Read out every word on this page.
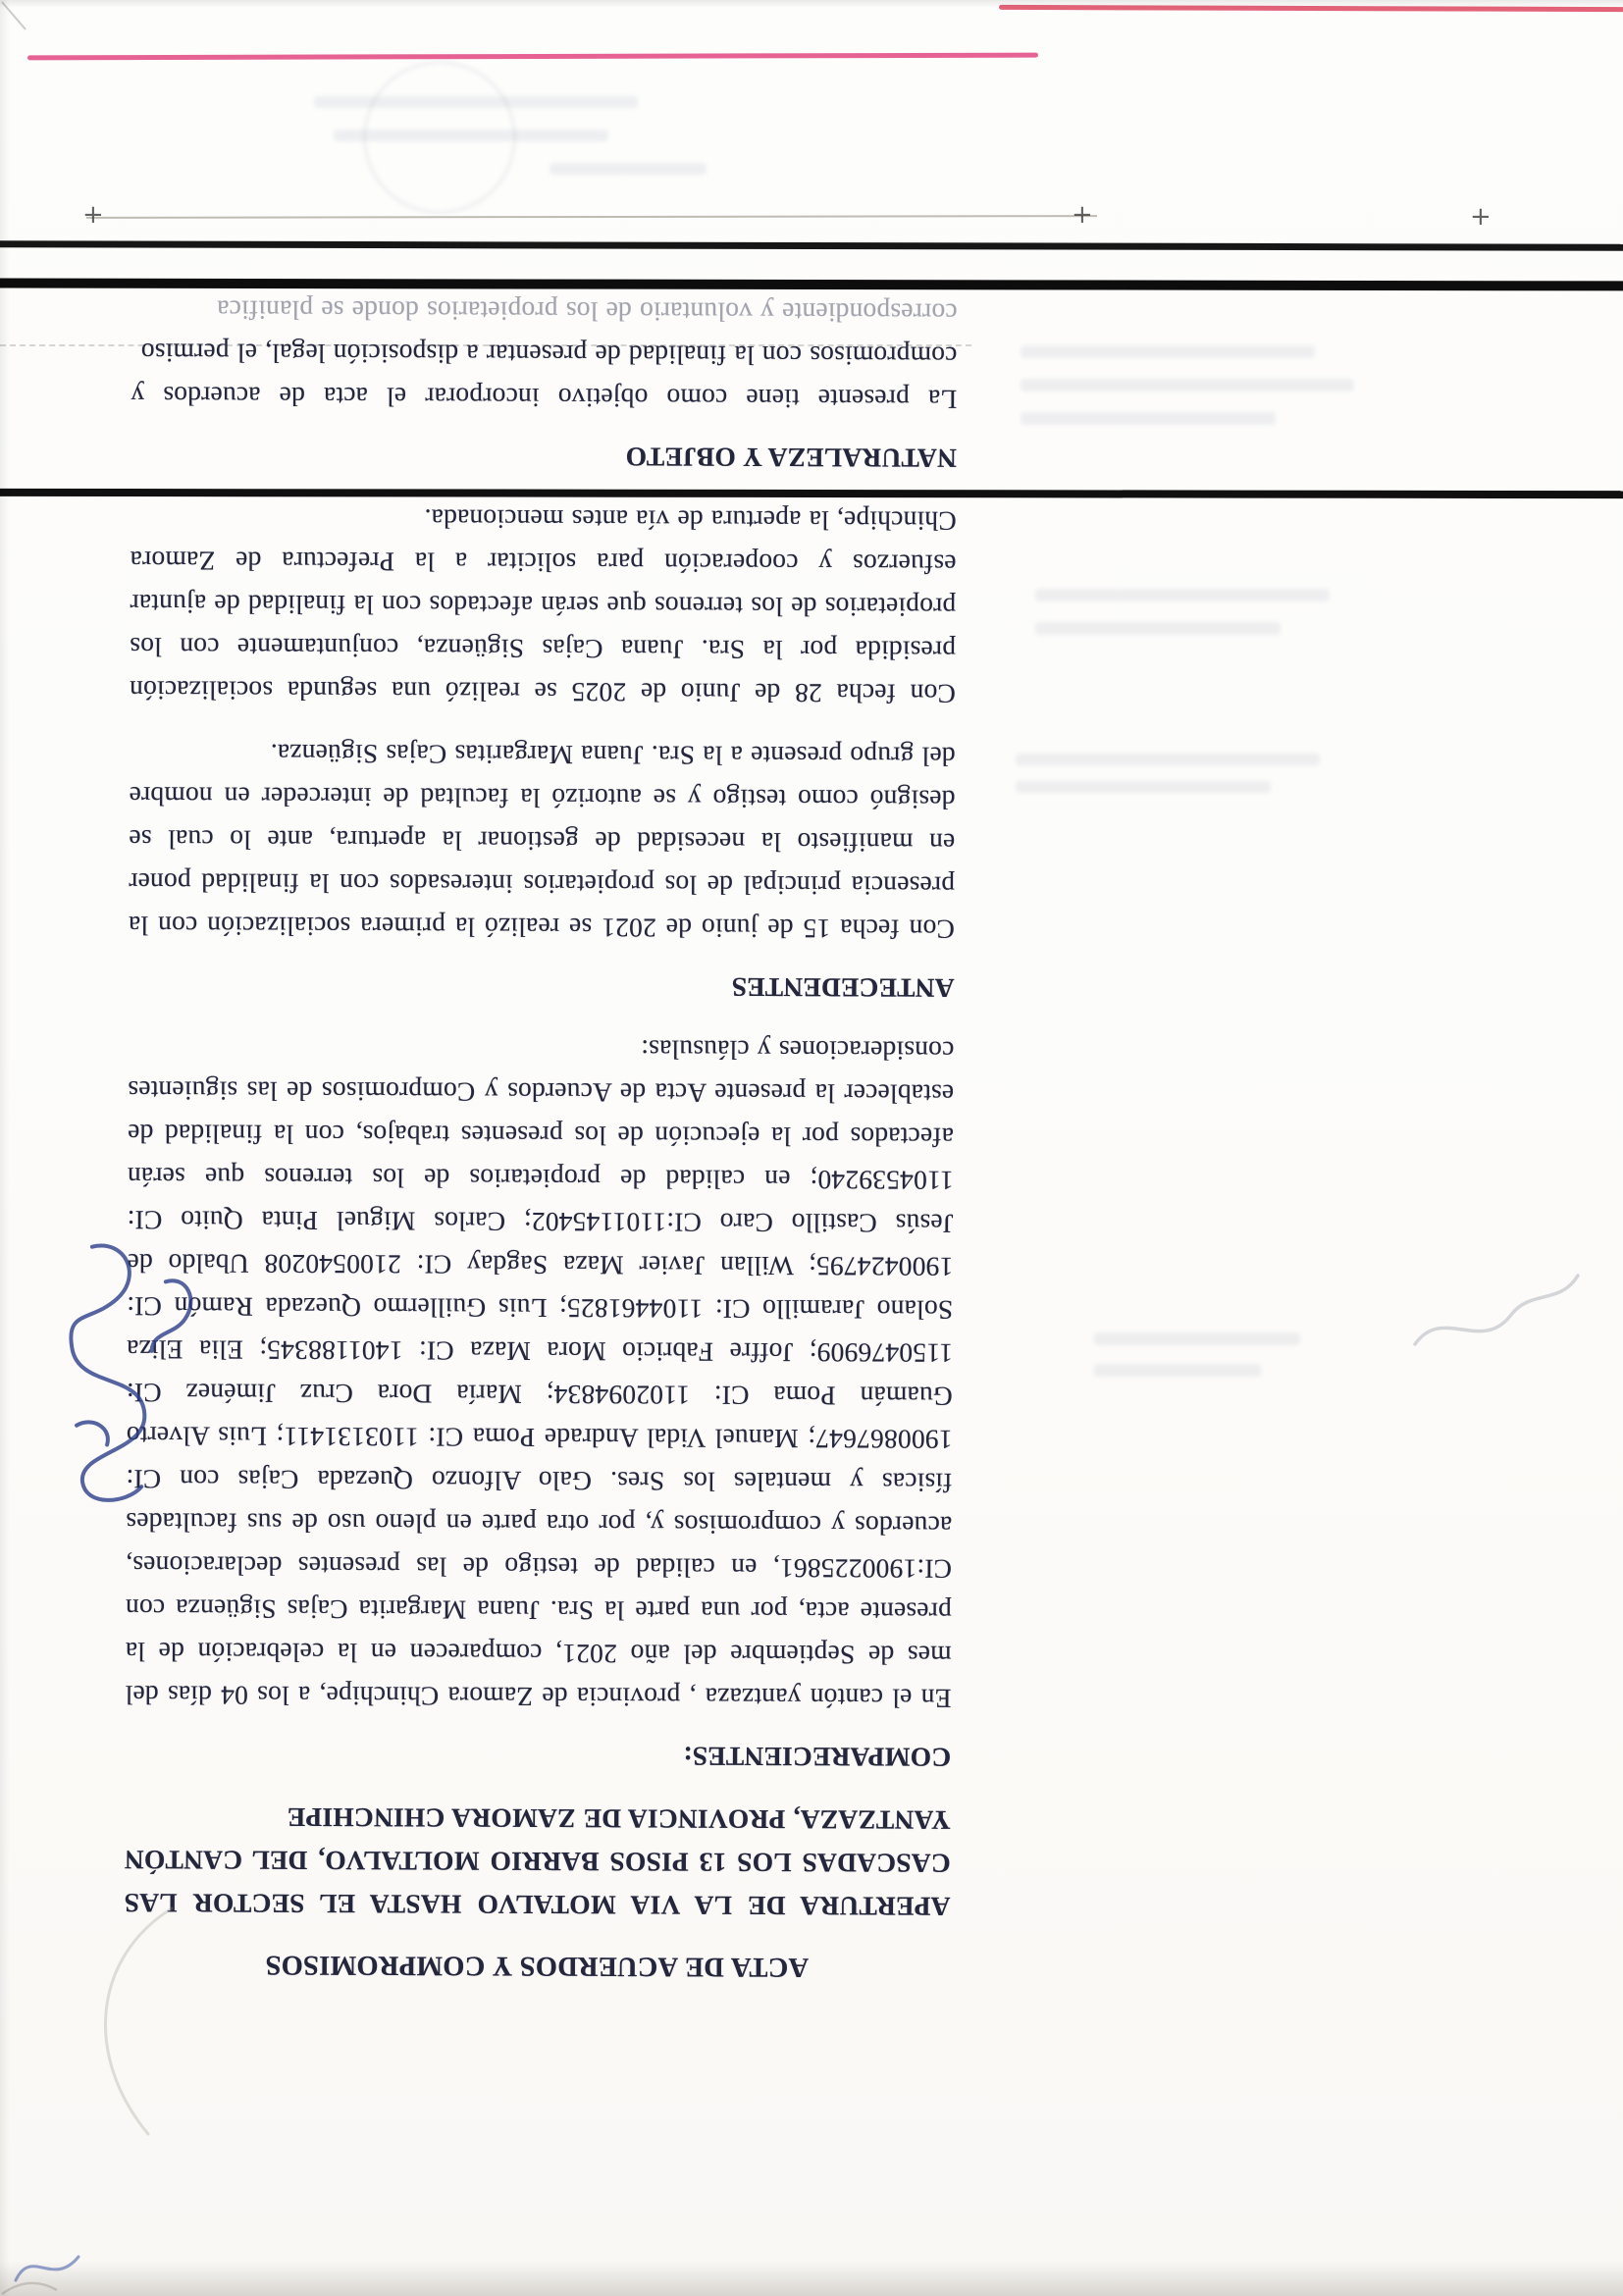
+	+	+
ACTA DE ACUERDOS Y COMPROMISOS
APERTURA DE LA VIA MOTALVO HASTA EL SECTOR LAS CASCADAS LOS 13 PISOS BARRIO MOLTALVO, DEL CANTÓN YANTZAZA, PROVINCIA DE ZAMORA CHINCHIPE
COMPARECIENTES:
En el cantón yantzaza , provincia de Zamora Chinchipe, a los 04 días del mes de Septiembre del año 2021, comparecen en la celebración de la presente acta, por una parte la Sra. Juana Margarita Cajas Sigüenza con CI:1900225861, en calidad de testigo de las presentes declaraciones, acuerdos y compromisos y, por otra parte en pleno uso de sus facultades físicas y mentales los Sres. Galo Alfonzo Quezada Cajas con CI: 1900867647; Manuel Vidal Andrade Poma CI: 1103131411; Luis Alverto Guamán Poma CI: 1102094834; María Dora Cruz Jiménez CI: 1150476909; Joffre Fabricio Mora Maza CI: 1401188345; Elia Eliza Solano Jaramillo CI: 1104461825; Luis Guillermo Quezada Ramón CI: 1900424795; Willan Javier Maza Sagday CI: 2100540208 Ubaldo de Jesús Castillo Caro CI:1101145402; Carlos Miguel Pinta Quito CI: 1104539240; en calidad de propietarios de los terrenos que serán afectados por la ejecución de los presentes trabajos, con la finalidad de establecer la presente Acta de Acuerdos y Compromisos de las siguientes consideraciones y cláusulas:
ANTECEDENTES
Con fecha 15 de junio de 2021 se realizó la primera socialización con la presencia principal de los propietarios interesados con la finalidad poner en manifiesto la necesidad de gestionar la apertura, ante lo cual se designó como testigo y se autorizó la facultad de interceder en nombre del grupo presente a la Sra. Juana Margaritas Cajas Sigüenza.
Con fecha 28 de Junio de 2025 se realizó una segunda socialización presidida por la Sra. Juana Cajas Sigüenza, conjuntamente con los propietarios de los terrenos que serán afectados con la finalidad de ajuntar esfuerzos y cooperación para solicitar a la Prefectura de Zamora Chinchipe, la apertura de vía antes mencionada.
NATURALEZA Y OBJETO
La presente tiene como objetivo incorporar el acta de acuerdos y compromisos con la finalidad de presentar a disposición legal, el permiso
correspondiente y voluntario de los propietarios donde se planifica
